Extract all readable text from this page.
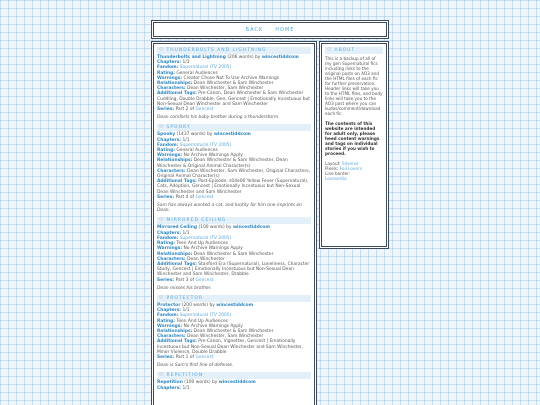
BACK HOME
♡ THUNDERBOLTS AND LIGHTNING
Thunderbolts and Lightning (206 words) by wincestiddcom
Chapters: 1/1
Fandom: Supernatural (TV 2005)
Rating: General Audiences
Warnings: Creator Chose Not To Use Archive Warnings
Relationships: Dean Winchester & Sam Winchester
Characters: Dean Winchester, Sam Winchester
Additional Tags: Pre-Canon, Dean Winchester & Sam Winchester Cuddling, Double Drabble, Gen, Gencest | Emotionally Incestuous but Non-Sexual Dean Winchester and Sam Winchester
Series: Part 2 of Gencest
Dean comforts his baby brother during a thunderstorm.
♡ SPOOKY
Spooky (1437 words) by wincestiddcom
Chapters: 1/1
Fandom: Supernatural (TV 2005)
Rating: General Audiences
Warnings: No Archive Warnings Apply
Relationships: Dean Winchester & Sam Winchester, Dean Winchester & Original Animal Character(s)
Characters: Dean Winchester, Sam Winchester, Original Characters, Original Animal Character(s)
Additional Tags: Post-Episode: s04e06 Yellow Fever (Supernatural), Cats, Adoption, Gencest | Emotionally Incestuous but Non-Sexual Dean Winchester and Sam Winchester
Series: Part 4 of Gencest
Sam has always wanted a cat, and luckily for him one imprints on Dean.
♡ MIRRORED CEILING
Mirrored Ceiling (100 words) by wincestiddcom
Chapters: 1/1
Fandom: Supernatural (TV 2005)
Rating: Teen And Up Audiences
Warnings: No Archive Warnings Apply
Relationships: Dean Winchester & Sam Winchester
Characters: Dean Winchester
Additional Tags: Stanford Era (Supernatural), Loneliness, Character Study, Gencest | Emotionally Incestuous but Non-Sexual Dean Winchester and Sam Winchester, Drabble
Series: Part 3 of Gencest
Dean misses his brother.
♡ PROTECTOR
Protector (200 words) by wincestiddcom
Chapters: 1/1
Fandom: Supernatural (TV 2005)
Rating: Teen And Up Audiences
Warnings: No Archive Warnings Apply
Relationships: Dean Winchester & Sam Winchester
Characters: Dean Winchester, Sam Winchester
Additional Tags: Pre-Canon, Vignettes, Gencest | Emotionally Incestuous but Non-Sexual Dean Winchester and Sam Winchester, Minor Violence, Double Drabble
Series: Part 1 of Gencest
Dean is Sam's first line of defense.
♡ REPETITION
Repetition (100 words) by wincestiddcom
Chapters: 1/1

♡ ABOUT
This is a backup of all of my gen Supernatural fics including links to the original posts on AO3 and the HTML files of each fic for further preservation. Header links will take you to the HTML files, and body links will take you to the AO3 post where you can kudos/comment/download each fic.
The contents of this website are intended for adult only, please heed content warnings and tags on individual stories if you wish to proceed.
Layout: Silverse
Pixels: Foil Lovers
Line border:
Lovesertia
